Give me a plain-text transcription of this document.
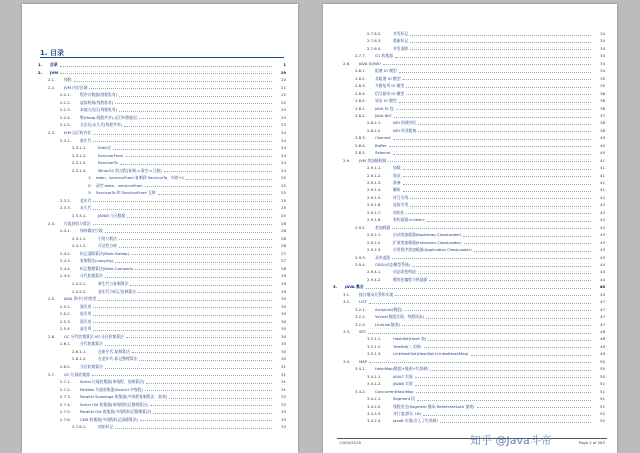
1. 目录
1. 目录	1
2. JVM	19
2.1. 线程	20
2.2. JVM 内存区域	21
2.2.1. 程序计数器(线程私有)	22
2.2.2. 虚拟机栈(线程私有)	22
2.2.3. 本地方法区(线程私有)	23
2.2.4. 堆(Heap-线程共享)-运行时数据区	23
2.2.5. 方法区/永久代(线程共享)	23
2.3. JVM 运行时内存	24
2.3.1. 新生代	24
2.3.1.1.	Eden区	24
2.3.1.2.	ServivorFrom	24
2.3.1.3.	ServivorTo	24
2.3.1.4.	MinorGC 的过程(复制->清空->互换)	24
1: eden、servicorFrom 复制到 ServicorTo，年龄+1	25
2: 清空 eden、servicorFrom	25
3: ServicorTo 和 ServicorFrom 互换	25
2.3.2. 老年代	25
2.3.3. 永久代	25
2.3.3.1.	JAVA8 与元数据	25
2.4. 垃圾回收与算法	26
2.4.1. 如何确定垃圾	26
2.4.1.1.	引用计数法	26
2.4.1.2.	可达性分析	26
2.4.2. 标记清除算法(Mark-Sweep)	27
2.4.3. 复制算法(copying)	27
2.4.4. 标记整理算法(Mark-Compact)	28
2.4.5. 分代收集算法	29
2.4.5.1.	新生代与复制算法	29
2.4.5.2.	老年代与标记复制算法	29
2.5. JAVA 四中引用类型	30
2.5.1. 强引用	30
2.5.2. 软引用	30
2.5.3. 弱引用	30
2.5.4. 虚引用	30
2.6. GC 分代收集算法 VS 分区收集算法	30
2.6.1. 分代收集算法	30
2.6.1.1.	在新生代-复制算法	30
2.6.1.2.	在老年代-标记整理算法	30
2.6.2. 分区收集算法	31
2.7. GC 垃圾收集器	31
2.7.1. Serial 垃圾收集器(单线程、复制算法)	31
2.7.2. ParNew 垃圾收集器(Serial+多线程)	31
2.7.3. Parallel Scavenge 收集器(多线程复制算法、高效)	32
2.7.4. Serial Old 收集器(单线程标记整理算法)	32
2.7.5. Parallel Old 收集器(多线程标记整理算法)	33
2.7.6. CMS 收集器(多线程标记清除算法)	33
2.7.6.1.	初始标记	33
2.7.6.2.	并发标记	34
2.7.6.3.	重新标记	34
2.7.6.4.	并发清除	34
2.7.7. G1 收集器	34
2.8. JAVA IO/NIO	34
2.8.1. 阻塞 IO 模型	34
2.8.2. 非阻塞 IO 模型	35
2.8.3. 多路复用 IO 模型	35
2.8.4. 信号驱动 IO 模型	36
2.8.5. 异步 IO 模型	36
2.8.1. JAVA IO 包	36
2.8.2. JAVA NIO	37
2.8.2.1.	NIO 的缓冲区	38
2.8.2.2.	NIO 的非阻塞	38
2.8.3. Channel	40
2.8.4. Buffer	40
2.8.5. Selector	40
2.9. JVM 类加载机制	41
2.9.1.1.	加载	41
2.9.1.2.	验证	41
2.9.1.3.	准备	41
2.9.1.4.	解析	41
2.9.1.5.	符号引用	42
2.9.1.6.	直接引用	42
2.9.1.7.	初始化	42
2.9.1.8.	类构造器<client>	42
2.9.2. 类加载器	42
2.9.2.1.	启动类加载器(Bootstrap ClassLoader)	43
2.9.2.2.	扩展类加载器(Extension ClassLoader)	43
2.9.2.3.	应用程序类加载器(Application ClassLoader)	43
2.9.3. 双亲委派	43
2.9.4. OSGI(动态模型系统)	44
2.9.4.1.	动态改变构造	44
2.9.4.2.	模块化编程与热插拔	44
3. JAVA 集合	45
3.1. 接口继承关系和实现	45
3.2. LIST	47
3.2.1. ArrayList(数组)	47
3.2.2. Vector(数组实现、线程同步)	47
3.2.3. LinkList(链表)	47
3.3. SET	48
3.3.1.1.	HashSet(Hash 表)	48
3.3.1.2.	TreeSet(二叉树)	49
3.3.1.3.	LinkHashSet(HashSet+LinkedHashMap)	49
3.4. MAP	50
3.4.1. HashMap(数组+链表+红黑树)	50
3.4.1.1.	JAVA7 实现	50
3.4.1.2.	JAVA8 实现	51
3.4.2. ConcurrentHashMap	51
3.4.2.1.	Segment 段	51
3.4.2.2.	线程安全(Segment 继承 ReentrantLock 加锁)	51
3.4.2.3.	并行度(默认 16)	52
3.4.2.4.	Java8 实现(引入了红黑树)	52
13/04/2018	Page 2 of 283
知乎 @Java斗帝
